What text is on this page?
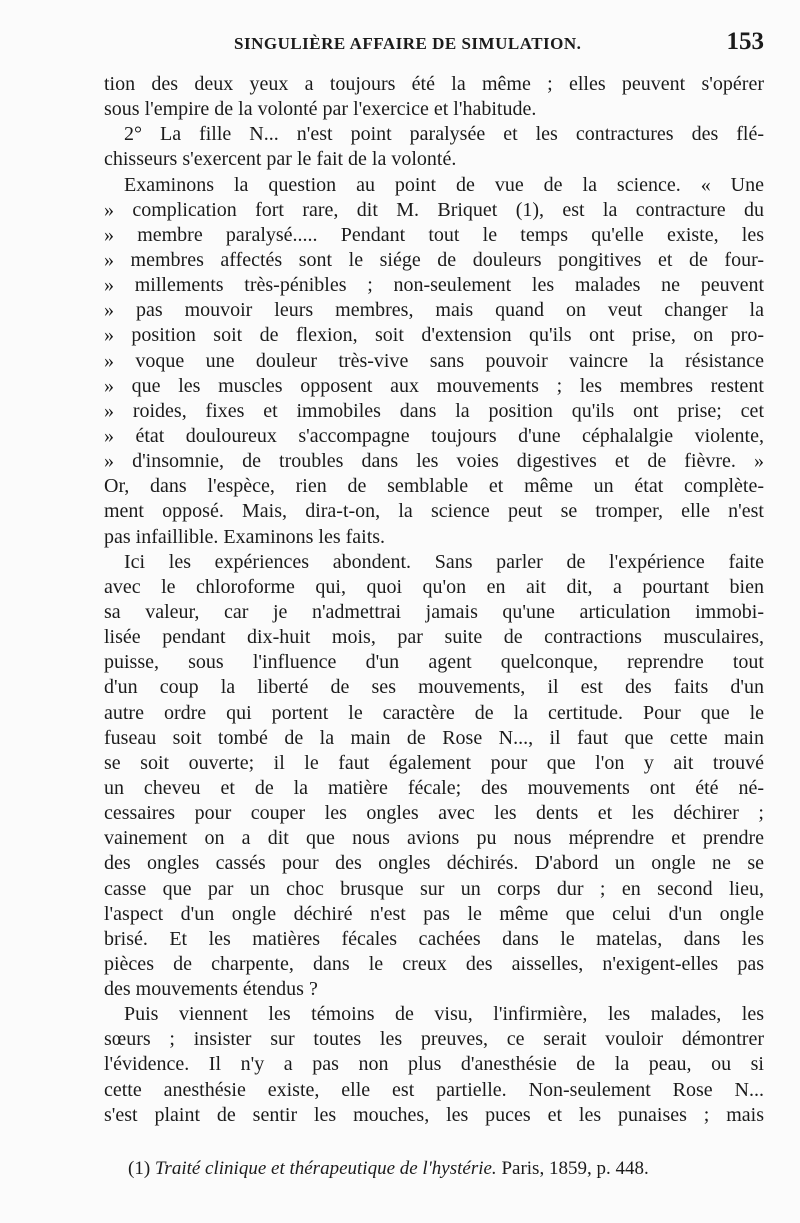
SINGULIÈRE AFFAIRE DE SIMULATION.	153
tion des deux yeux a toujours été la même ; elles peuvent s'opérer
sous l'empire de la volonté par l'exercice et l'habitude.
2° La fille N... n'est point paralysée et les contractures des flé-
chisseurs s'exercent par le fait de la volonté.
Examinons la question au point de vue de la science. « Une
» complication fort rare, dit M. Briquet (1), est la contracture du
» membre paralysé..... Pendant tout le temps qu'elle existe, les
» membres affectés sont le siége de douleurs pongitives et de four-
» millements très-pénibles ; non-seulement les malades ne peuvent
» pas mouvoir leurs membres, mais quand on veut changer la
» position soit de flexion, soit d'extension qu'ils ont prise, on pro-
» voque une douleur très-vive sans pouvoir vaincre la résistance
» que les muscles opposent aux mouvements ; les membres restent
» roides, fixes et immobiles dans la position qu'ils ont prise; cet
» état douloureux s'accompagne toujours d'une céphalalgie violente,
» d'insomnie, de troubles dans les voies digestives et de fièvre. »
Or, dans l'espèce, rien de semblable et même un état complète-
ment opposé. Mais, dira-t-on, la science peut se tromper, elle n'est
pas infaillible. Examinons les faits.
Ici les expériences abondent. Sans parler de l'expérience faite
avec le chloroforme qui, quoi qu'on en ait dit, a pourtant bien
sa valeur, car je n'admettrai jamais qu'une articulation immobi-
lisée pendant dix-huit mois, par suite de contractions musculaires,
puisse, sous l'influence d'un agent quelconque, reprendre tout
d'un coup la liberté de ses mouvements, il est des faits d'un
autre ordre qui portent le caractère de la certitude. Pour que le
fuseau soit tombé de la main de Rose N..., il faut que cette main
se soit ouverte; il le faut également pour que l'on y ait trouvé
un cheveu et de la matière fécale; des mouvements ont été né-
cessaires pour couper les ongles avec les dents et les déchirer ;
vainement on a dit que nous avions pu nous méprendre et prendre
des ongles cassés pour des ongles déchirés. D'abord un ongle ne se
casse que par un choc brusque sur un corps dur ; en second lieu,
l'aspect d'un ongle déchiré n'est pas le même que celui d'un ongle
brisé. Et les matières fécales cachées dans le matelas, dans les
pièces de charpente, dans le creux des aisselles, n'exigent-elles pas
des mouvements étendus ?
Puis viennent les témoins de visu, l'infirmière, les malades, les
sœurs ; insister sur toutes les preuves, ce serait vouloir démontrer
l'évidence. Il n'y a pas non plus d'anesthésie de la peau, ou si
cette anesthésie existe, elle est partielle. Non-seulement Rose N...
s'est plaint de sentir les mouches, les puces et les punaises ; mais
(1) Traité clinique et thérapeutique de l'hystérie. Paris, 1859, p. 448.
